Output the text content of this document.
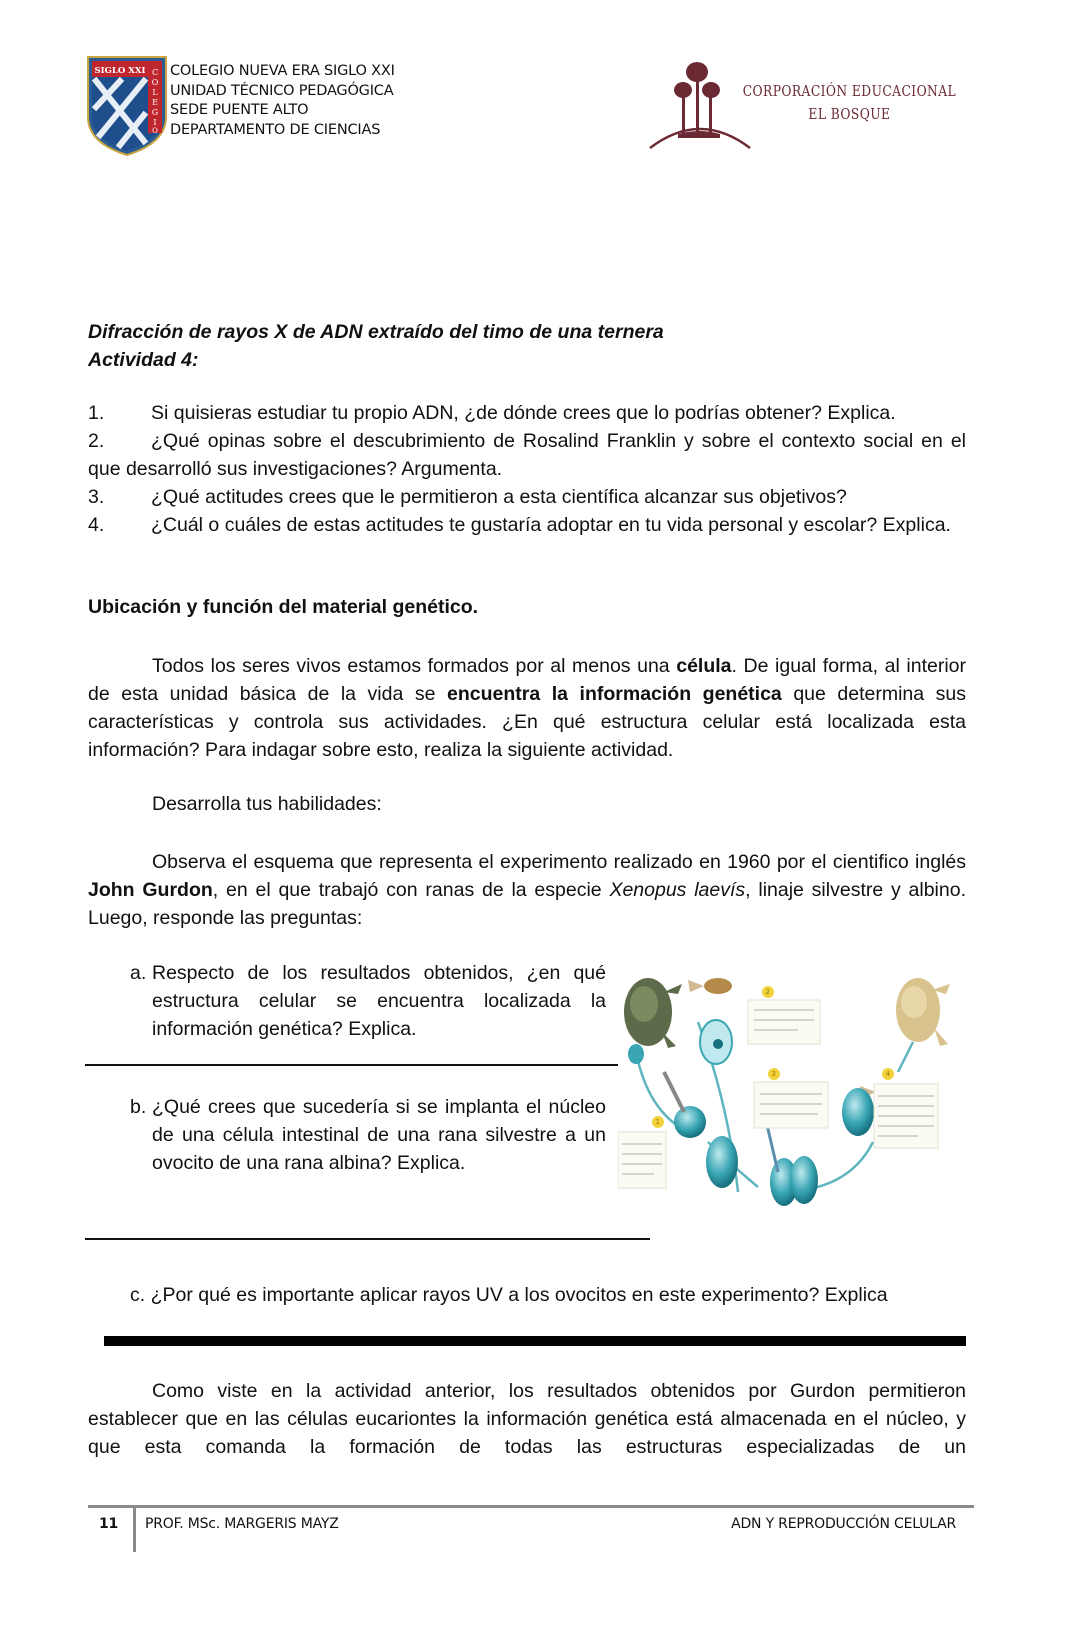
SIGLO XXI C
O
L
E
G
I
O
COLEGIO NUEVA ERA SIGLO XXI
UNIDAD TÉCNICO PEDAGÓGICA
SEDE PUENTE ALTO
DEPARTAMENTO DE CIENCIAS
CORPORACIÓN EDUCACIONAL
EL BOSQUE
Difracción de rayos X de ADN extraído del timo de una ternera
Actividad 4:
1. Si quisieras estudiar tu propio ADN, ¿de dónde crees que lo podrías obtener? Explica.
2. ¿Qué opinas sobre el descubrimiento de Rosalind Franklin y sobre el contexto social en el que desarrolló sus investigaciones? Argumenta.
3. ¿Qué actitudes crees que le permitieron a esta científica alcanzar sus objetivos?
4. ¿Cuál o cuáles de estas actitudes te gustaría adoptar en tu vida personal y escolar? Explica.
Ubicación y función del material genético.
Todos los seres vivos estamos formados por al menos una célula. De igual forma, al interior de esta unidad básica de la vida se encuentra la información genética que determina sus características y controla sus actividades. ¿En qué estructura celular está localizada esta información? Para indagar sobre esto, realiza la siguiente actividad.
Desarrolla tus habilidades:
Observa el esquema que representa el experimento realizado en 1960 por el cientifico inglés John Gurdon, en el que trabajó con ranas de la especie Xenopus laevís, linaje silvestre y albino. Luego, responde las preguntas:
a. Respecto de los resultados obtenidos, ¿en qué estructura celular se encuentra localizada la información genética? Explica.
b. ¿Qué crees que sucedería si se implanta el núcleo de una célula intestinal de una rana silvestre a un ovocito de una rana albina? Explica.
2
3	4
1
c. ¿Por qué es importante aplicar rayos UV a los ovocitos en este experimento? Explica
Como viste en la actividad anterior, los resultados obtenidos por Gurdon permitieron establecer que en las células eucariontes la información genética está almacenada en el núcleo, y que esta comanda la formación de todas las estructuras especializadas de un
11 PROF. MSc. MARGERIS MAYZ	ADN Y REPRODUCCIÓN CELULAR
